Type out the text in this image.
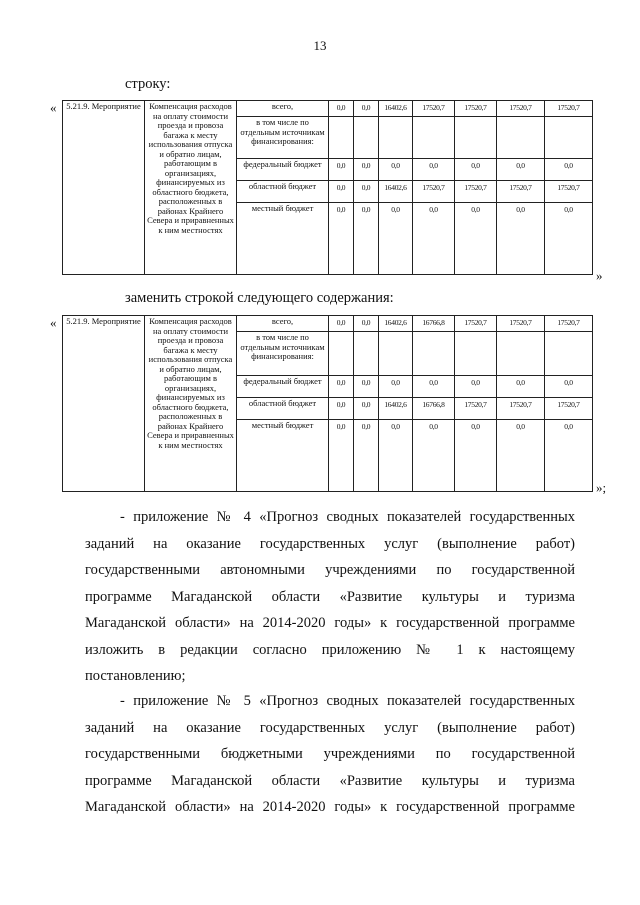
13
строку:
« 5.21.9. Мероприятие	Компенсация расходов на оплату стоимости проезда и провоза багажа к месту использования отпуска и обратно лицам, работающим в организациях, финансируемых из областного бюджета, расположенных в районах Крайнего Севера и приравненных к ним местностях	всего,	0,0	0,0	16402,6	17520,7	17520,7	17520,7	17520,7
		в том числе по отдельным источникам финансирования:							
		федеральный бюджет	0,0	0,0	0,0	0,0	0,0	0,0	0,0
		областной бюджет	0,0	0,0	16402,6	17520,7	17520,7	17520,7	17520,7
		местный бюджет	0,0	0,0	0,0	0,0	0,0	0,0	0,0
»
заменить строкой следующего содержания:
« 5.21.9. Мероприятие	Компенсация расходов на оплату стоимости проезда и провоза багажа к месту использования отпуска и обратно лицам, работающим в организациях, финансируемых из областного бюджета, расположенных в районах Крайнего Севера и приравненных к ним местностях	всего,	0,0	0,0	16402,6	16766,8	17520,7	17520,7	17520,7
		в том числе по отдельным источникам финансирования:							
		федеральный бюджет	0,0	0,0	0,0	0,0	0,0	0,0	0,0
		областной бюджет	0,0	0,0	16402,6	16766,8	17520,7	17520,7	17520,7
		местный бюджет	0,0	0,0	0,0	0,0	0,0	0,0	0,0
»;
- приложение № 4 «Прогноз сводных показателей государственных
заданий на оказание государственных услуг (выполнение работ)
государственными автономными учреждениями по государственной
программе Магаданской области «Развитие культуры и туризма
Магаданской области» на 2014-2020 годы» к государственной программе
изложить в редакции согласно приложению № 1 к настоящему
постановлению;
- приложение № 5 «Прогноз сводных показателей государственных
заданий на оказание государственных услуг (выполнение работ)
государственными бюджетными учреждениями по государственной
программе Магаданской области «Развитие культуры и туризма
Магаданской области» на 2014-2020 годы» к государственной программе
